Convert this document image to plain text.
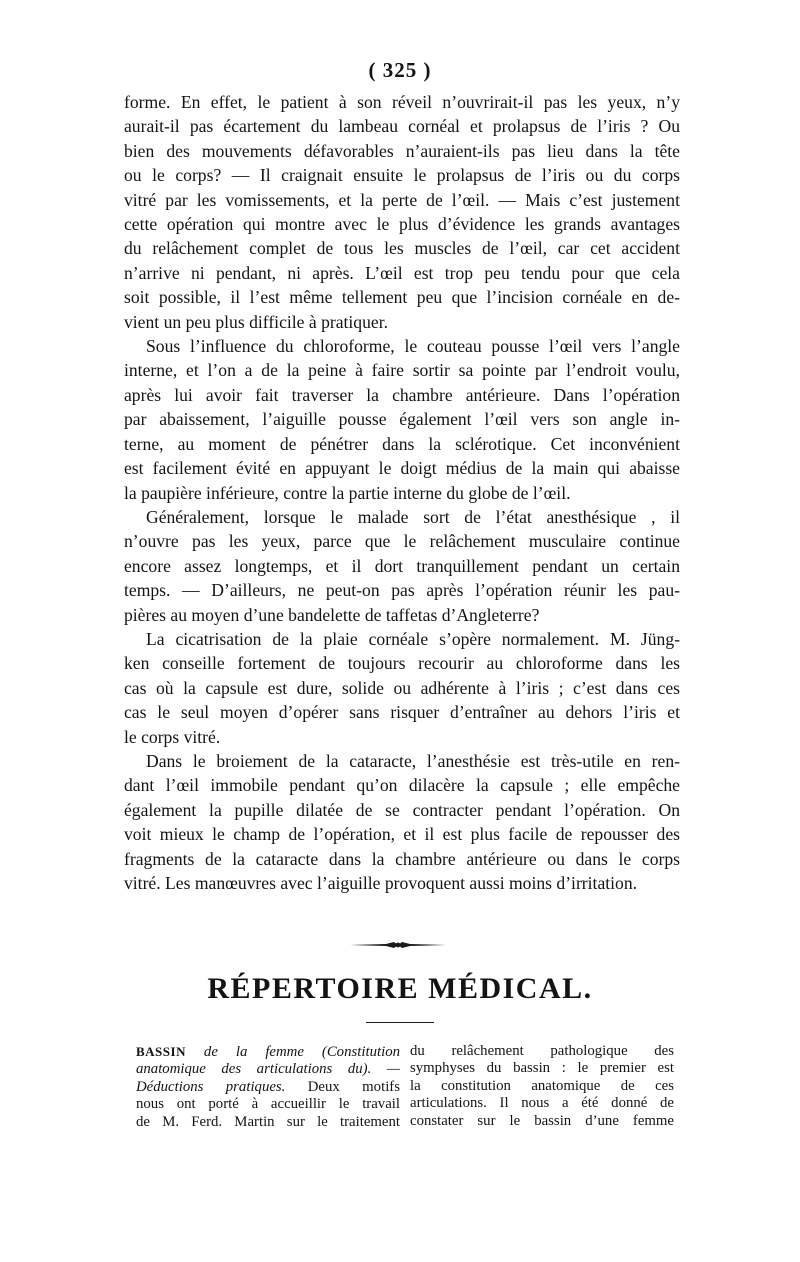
( 325 )

forme. En effet, le patient à son réveil n’ouvrirait-il pas les yeux, n’y
aurait-il pas écartement du lambeau cornéal et prolapsus de l’iris ? Ou
bien des mouvements défavorables n’auraient-ils pas lieu dans la tête
ou le corps? — Il craignait ensuite le prolapsus de l’iris ou du corps
vitré par les vomissements, et la perte de l’œil. — Mais c’est justement
cette opération qui montre avec le plus d’évidence les grands avantages
du relâchement complet de tous les muscles de l’œil, car cet accident
n’arrive ni pendant, ni après. L’œil est trop peu tendu pour que cela
soit possible, il l’est même tellement peu que l’incision cornéale en de-
vient un peu plus difficile à pratiquer.

Sous l’influence du chloroforme, le couteau pousse l’œil vers l’angle
interne, et l’on a de la peine à faire sortir sa pointe par l’endroit voulu,
après lui avoir fait traverser la chambre antérieure. Dans l’opération
par abaissement, l’aiguille pousse également l’œil vers son angle in-
terne, au moment de pénétrer dans la sclérotique. Cet inconvénient
est facilement évité en appuyant le doigt médius de la main qui abaisse
la paupière inférieure, contre la partie interne du globe de l’œil.

Généralement, lorsque le malade sort de l’état anesthésique , il
n’ouvre pas les yeux, parce que le relâchement musculaire continue
encore assez longtemps, et il dort tranquillement pendant un certain
temps. — D’ailleurs, ne peut-on pas après l’opération réunir les pau-
pières au moyen d’une bandelette de taffetas d’Angleterre?

La cicatrisation de la plaie cornéale s’opère normalement. M. Jüng-
ken conseille fortement de toujours recourir au chloroforme dans les
cas où la capsule est dure, solide ou adhérente à l’iris ; c’est dans ces
cas le seul moyen d’opérer sans risquer d’entraîner au dehors l’iris et
le corps vitré.

Dans le broiement de la cataracte, l’anesthésie est très-utile en ren-
dant l’œil immobile pendant qu’on dilacère la capsule ; elle empêche
également la pupille dilatée de se contracter pendant l’opération. On
voit mieux le champ de l’opération, et il est plus facile de repousser des
fragments de la cataracte dans la chambre antérieure ou dans le corps
vitré. Les manœuvres avec l’aiguille provoquent aussi moins d’irritation.

RÉPERTOIRE MÉDICAL.
BASSIN de la femme (Constitution
anatomique des articulations du). —
Déductions pratiques. Deux motifs
nous ont porté à accueillir le travail
de M. Ferd. Martin sur le traitement
du relâchement pathologique des
symphyses du bassin : le premier est
la constitution anatomique de ces
articulations. Il nous a été donné de
constater sur le bassin d’une femme
